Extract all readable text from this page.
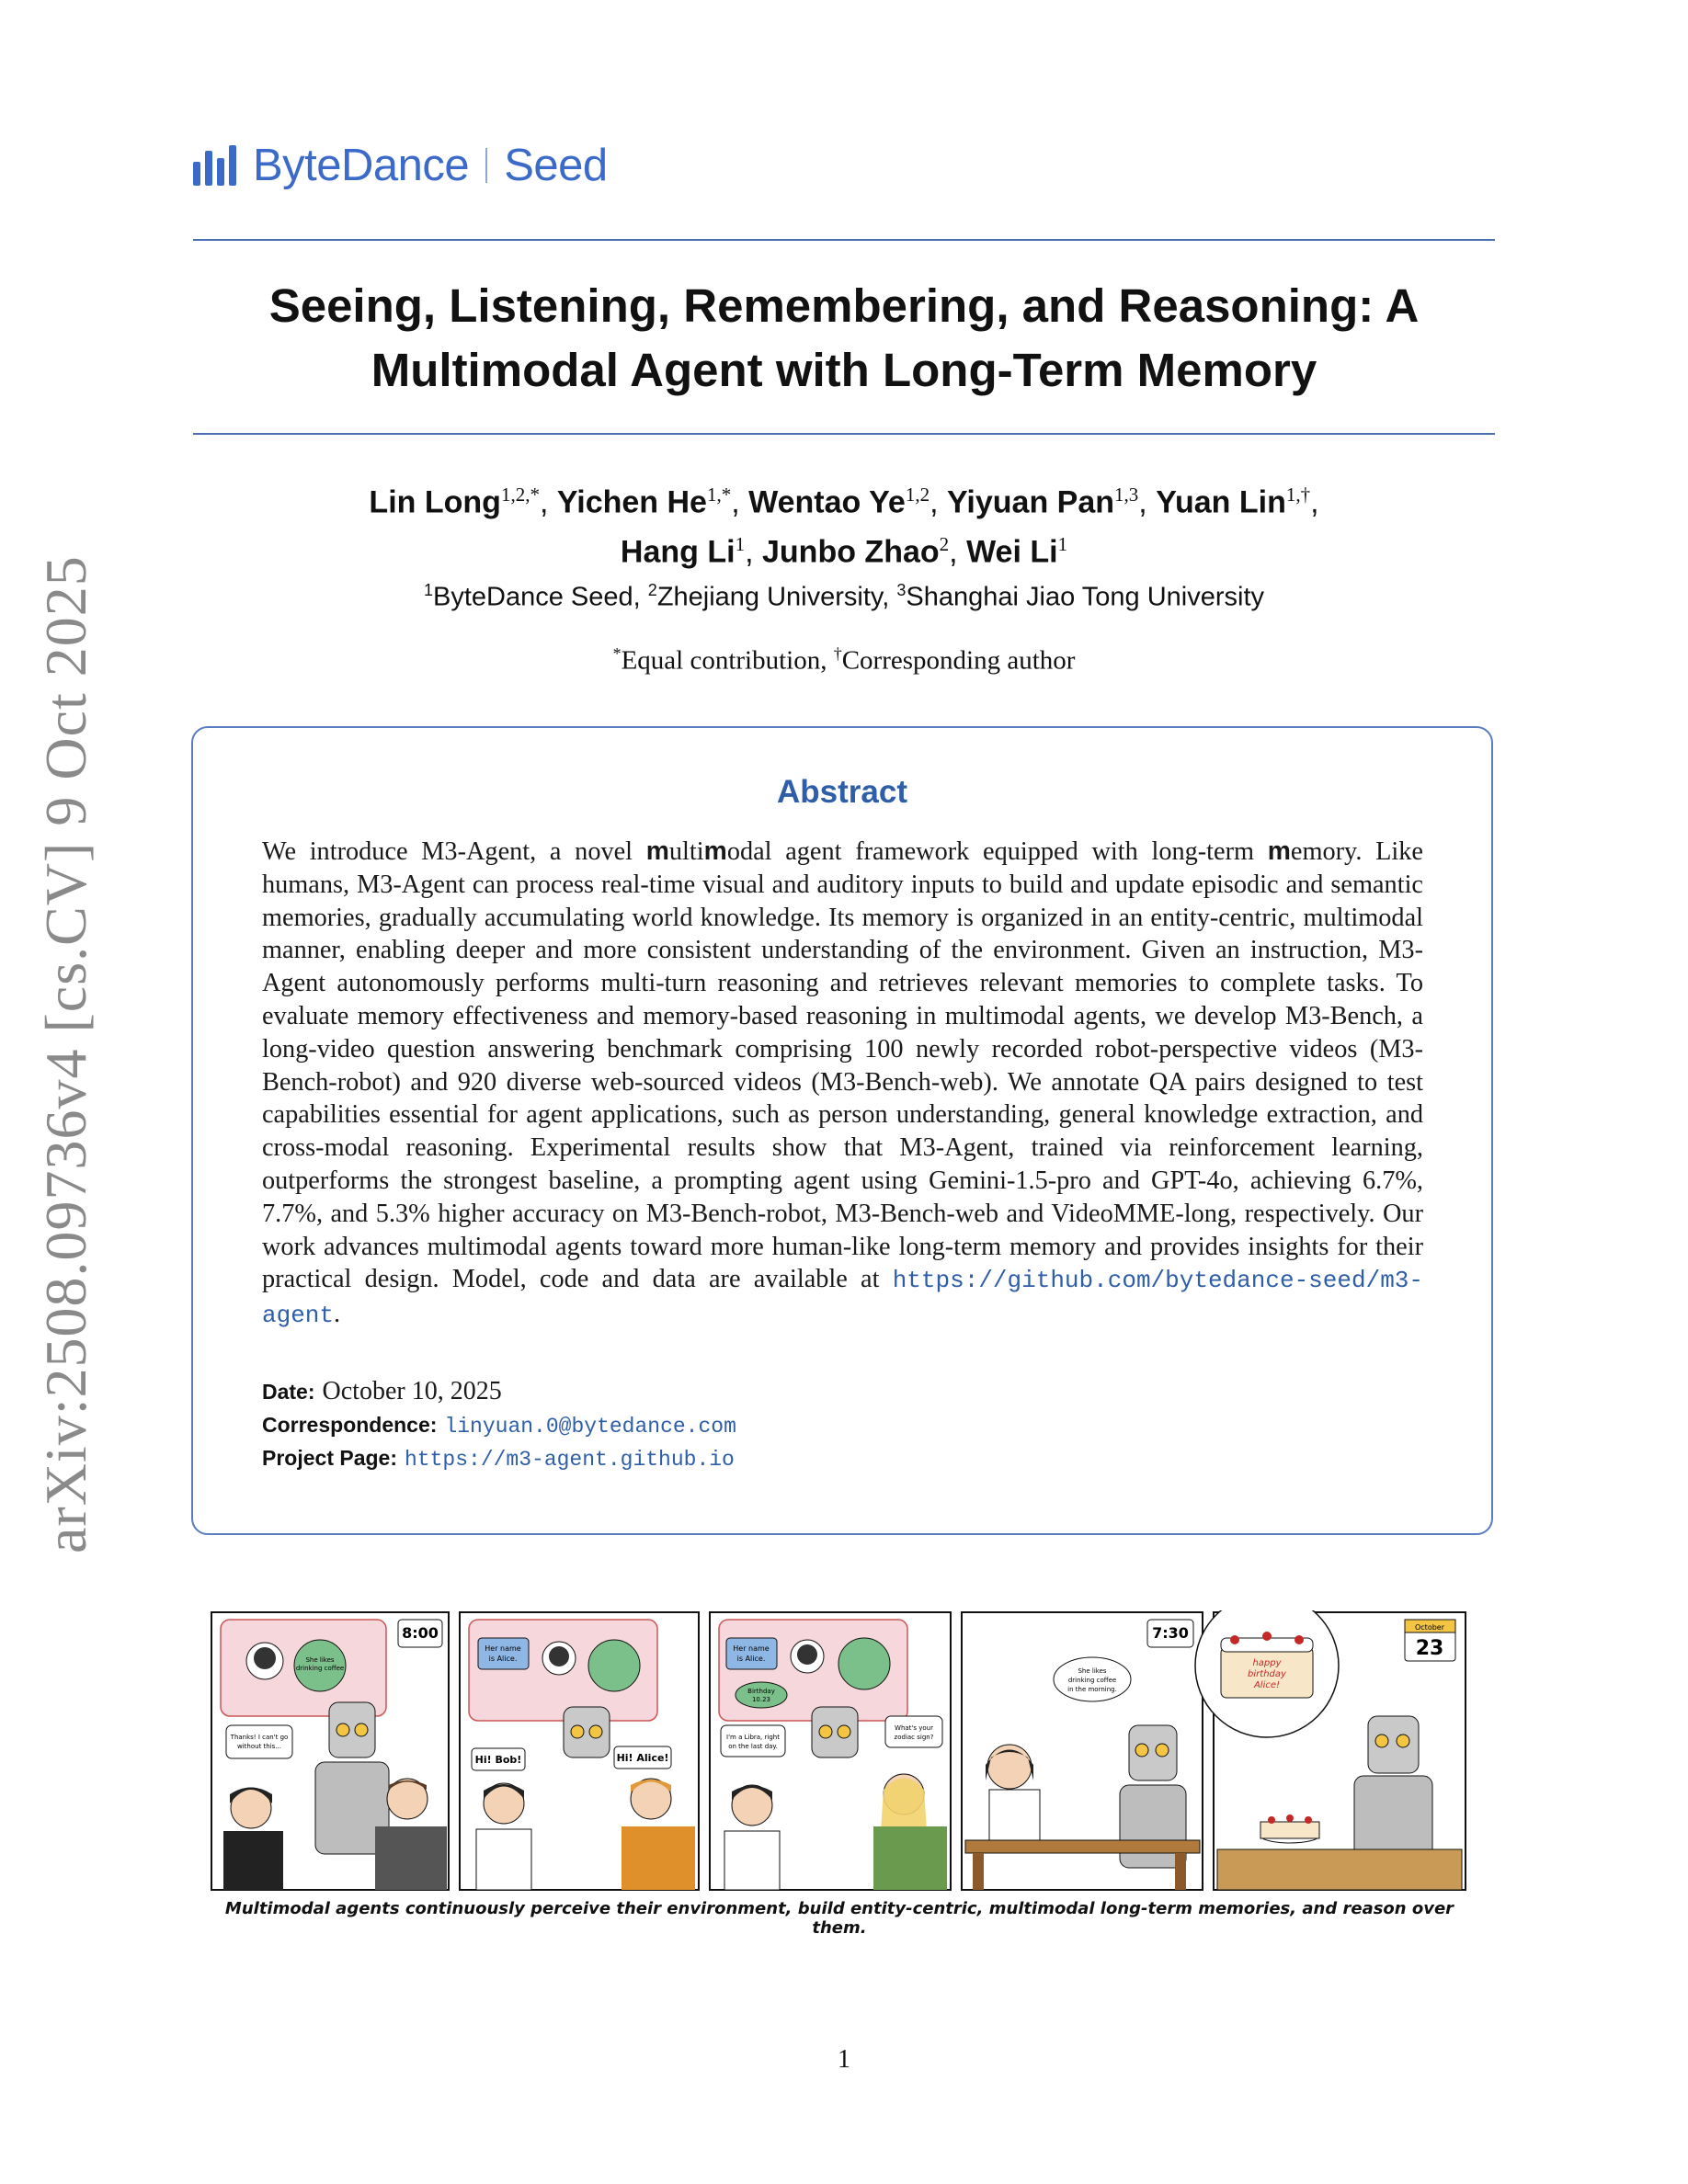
ByteDance Seed
Seeing, Listening, Remembering, and Reasoning: A
Multimodal Agent with Long-Term Memory
Lin Long$^{1,2,*}$, Yichen $He^{1,*}$, Wentao Ye$^{1,2}$, Yiyuan Pan$^{1,3}$, Yuan Lin$^{1,\dagger}$,
Hang Li$^1$, Junbo Zhao$^2$, Wei Li$^1$
$^1$ByteDance Seed, $^2$Zhejiang University, $^3$Shanghai Jiao Tong University
*Equal contribution, †Corresponding author
arXiv:2508.09736v4 [cs.CV] 9 Oct 2025	Abstract
We introduce M3-Agent, a novel multimodal agent framework equipped with long-term memory. Like humans, M3-Agent can process real-time visual and auditory inputs to build and update episodic and semantic memories, gradually accumulating world knowledge. Its memory is organized in an entity-centric, multimodal manner, enabling deeper and more consistent understanding of the environment. Given an instruction, M3-Agent autonomously performs multi-turn reasoning and retrieves relevant memories to complete tasks. To evaluate memory effectiveness and memory-based reasoning in multimodal agents, we develop M3-Bench, a long-video question answering benchmark comprising 100 newly recorded robot-perspective videos (M3-Bench-robot) and 920 diverse web-sourced videos (M3-Bench-web). We annotate QA pairs designed to test capabilities essential for agent applications, such as person understanding, general knowledge extraction, and cross-modal reasoning. Experimental results show that M3-Agent, trained via reinforcement learning, outperforms the strongest baseline, a prompting agent using Gemini-1.5-pro and GPT-4o, achieving 6.7%, 7.7%, and 5.3% higher accuracy on M3-Bench-robot, M3-Bench-web and VideoMME-long, respectively. Our work advances multimodal agents toward more human-like long-term memory and provides insights for their practical design. Model, code and data are available at https://github.com/bytedance-seed/m3-agent.
Date: October 10, 2025
Correspondence: linyuan.0@bytedance.com
Project Page: https://m3-agent.github.io
She likes
drinking coffee
8:00
Thanks! I can't go
without this...
Her name
is Alice.
Hi! Bob!	Hi! Alice!
Her name
is Alice.
Birthday
10.23
I'm a Libra, right
on the last day.
What's your
zodiac sign?
7:30
She likes
drinking coffee
in the morning.
happy
birthday
Alice!
October
23
Multimodal agents continuously perceive their environment, build entity-centric, multimodal long-term memories, and reason over them.
1
